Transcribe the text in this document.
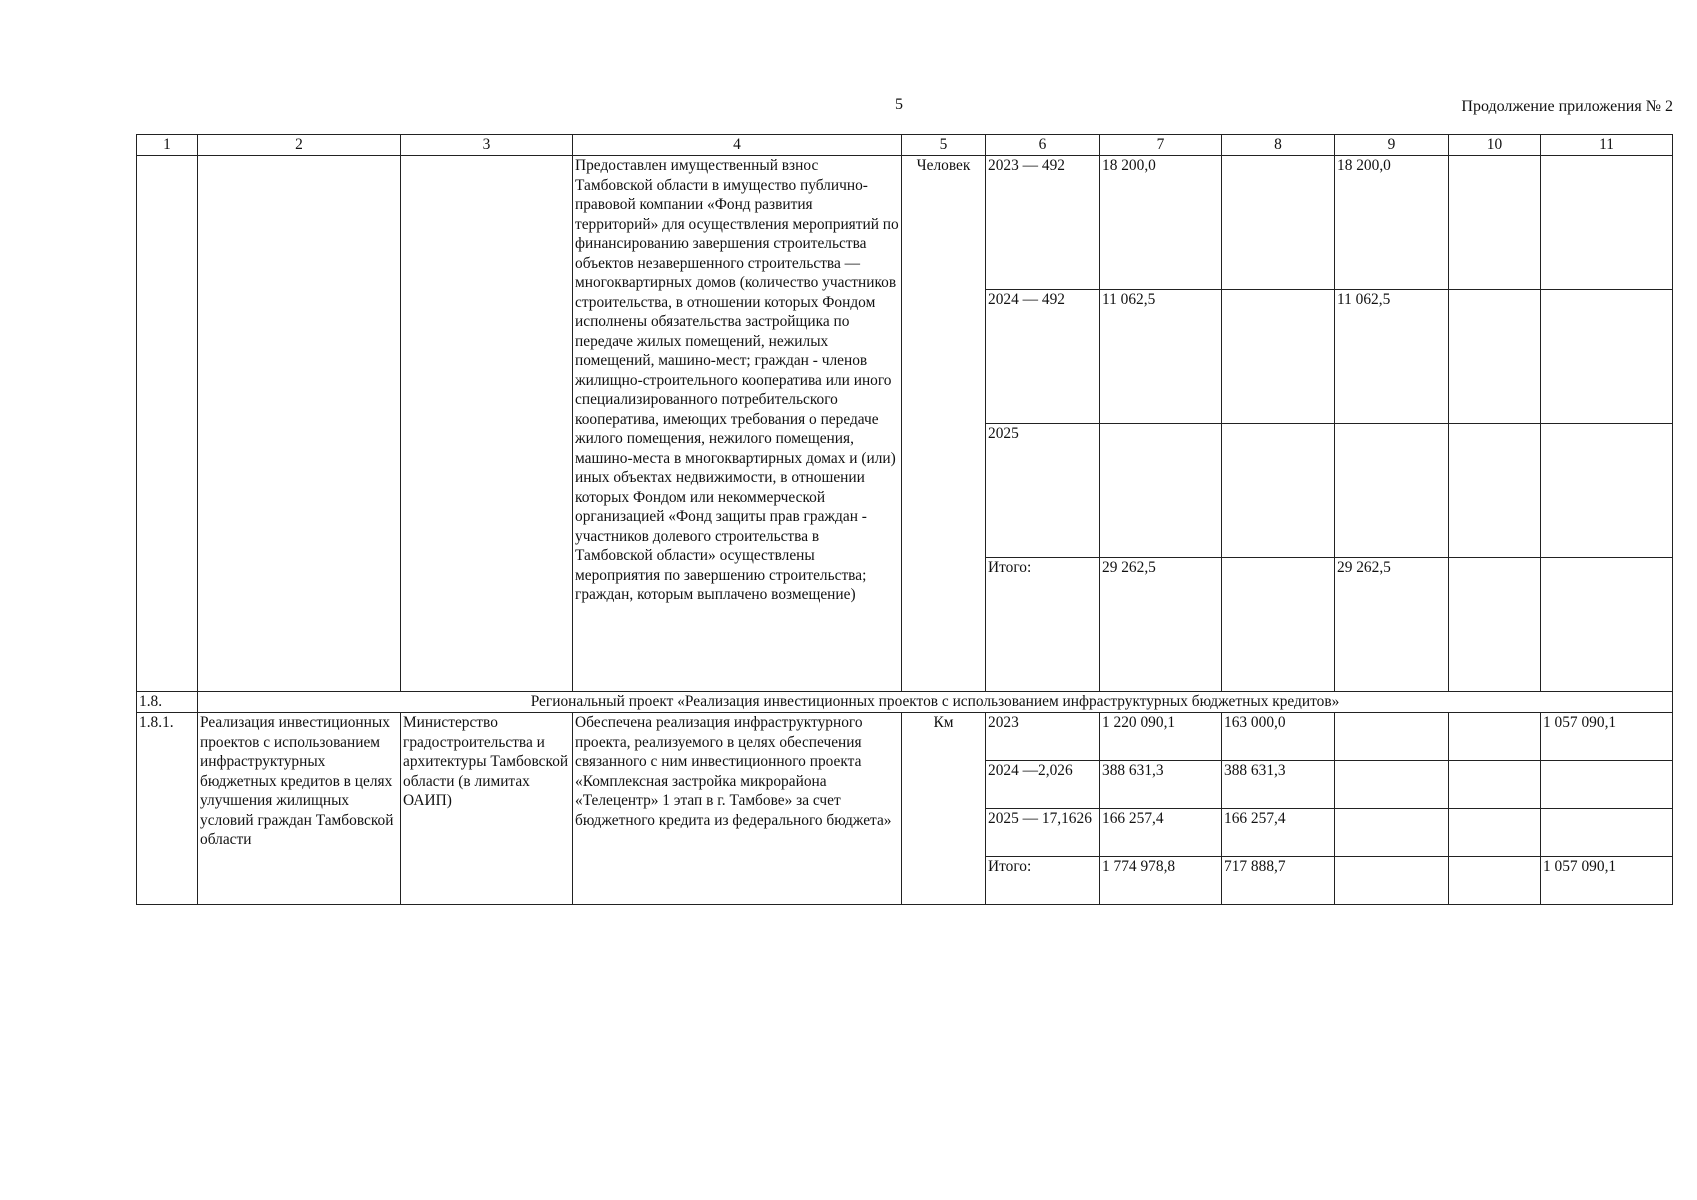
5	Продолжение приложения № 2
1	2	3	4	5	6	7	8	9	10	11
			Предоставлен имущественный взнос Тамбовской области в имущество публично-правовой компании «Фонд развития территорий» для осуществления мероприятий по финансированию завершения строительства объектов незавершенного строительства — многоквартирных домов (количество участников строительства, в отношении которых Фондом исполнены обязательства застройщика по передаче жилых помещений, нежилых помещений, машино-мест; граждан - членов жилищно-строительного кооператива или иного специализированного потребительского кооператива, имеющих требования о передаче жилого помещения, нежилого помещения, машино-места в многоквартирных домах и (или) иных объектах недвижимости, в отношении которых Фондом или некоммерческой организацией «Фонд защиты прав граждан - участников долевого строительства в Тамбовской области» осуществлены мероприятия по завершению строительства; граждан, которым выплачено возмещение)	Человек	2023 — 492	18 200,0		18 200,0		
					2024 — 492	11 062,5		11 062,5		
					2025					
					Итого:	29 262,5		29 262,5		
1.8.	Региональный проект «Реализация инвестиционных проектов с использованием инфраструктурных бюджетных кредитов»									
1.8.1.	Реализация инвестиционных проектов с использованием инфраструктурных бюджетных кредитов в целях улучшения жилищных условий граждан Тамбовской области	Министерство градостроительства и архитектуры Тамбовской области (в лимитах ОАИП)	Обеспечена реализация инфраструктурного проекта, реализуемого в целях обеспечения связанного с ним инвестиционного проекта «Комплексная застройка микрорайона «Телецентр» 1 этап в г. Тамбове» за счет бюджетного кредита из федерального бюджета»	Км	2023	1 220 090,1	163 000,0			1 057 090,1
					2024 —2,026	388 631,3	388 631,3			
					2025 — 17,1626	166 257,4	166 257,4			
					Итого:	1 774 978,8	717 888,7			1 057 090,1
